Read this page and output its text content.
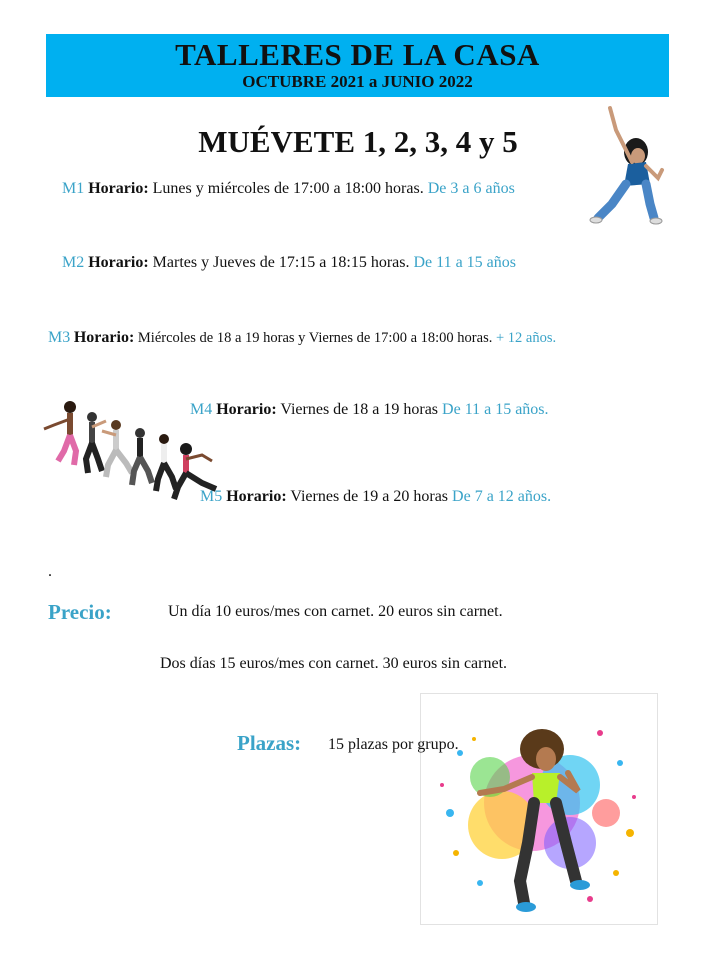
TALLERES DE LA CASA
OCTUBRE 2021 a JUNIO 2022
MUÉVETE 1, 2, 3, 4 y 5
M1 Horario: Lunes y miércoles de 17:00 a 18:00 horas. De 3 a 6 años
M2 Horario: Martes y Jueves de 17:15 a 18:15 horas. De 11 a 15 años
M3 Horario: Miércoles de 18 a 19 horas y Viernes de 17:00 a 18:00 horas. + 12 años.
M4 Horario: Viernes de 18 a 19 horas De 11 a 15 años.
M5 Horario: Viernes de 19 a 20 horas De 7 a 12 años.
.
Precio:	Un día 10 euros/mes con carnet. 20 euros sin carnet.
Dos días 15 euros/mes con carnet. 30 euros sin carnet.
Plazas: 15 plazas por grupo.
